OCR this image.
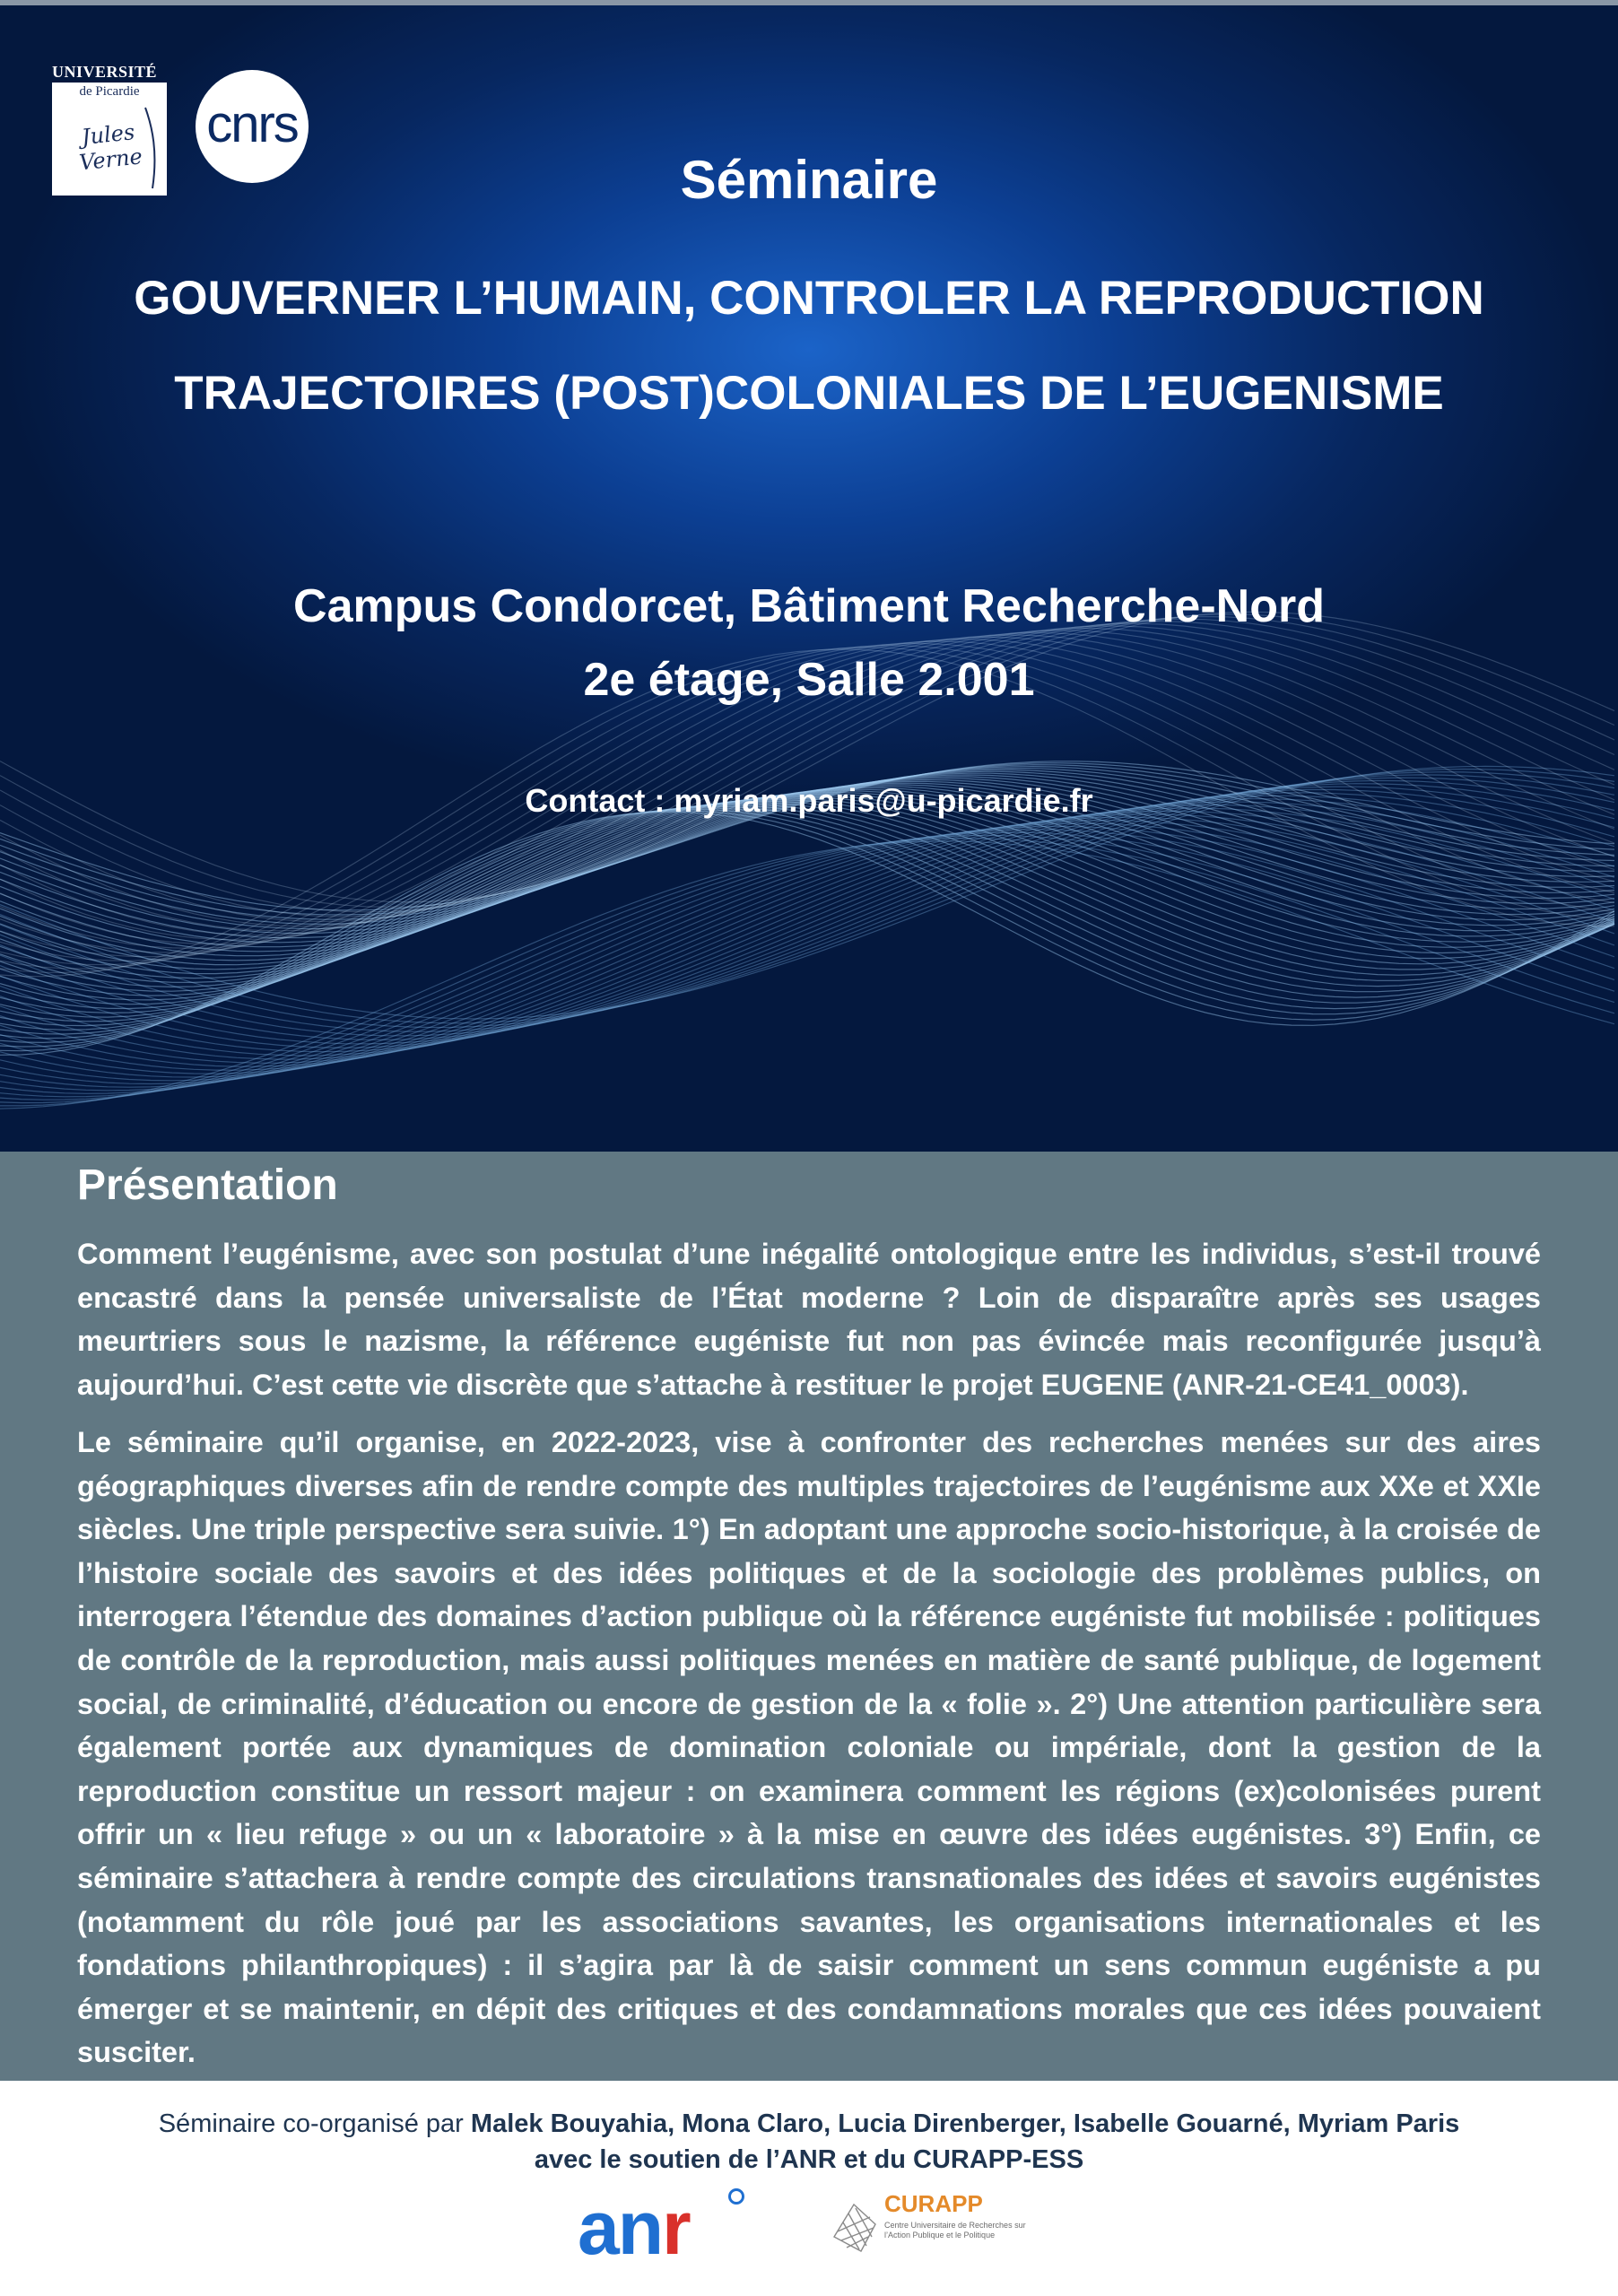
UNIVERSITÉ
de Picardie
Jules Verne
cnrs
Séminaire
GOUVERNER L’HUMAIN, CONTROLER LA REPRODUCTION
TRAJECTOIRES (POST)COLONIALES DE L’EUGENISME
Campus Condorcet, Bâtiment Recherche-Nord
2e étage, Salle 2.001
Contact : myriam.paris@u-picardie.fr
Présentation

Comment l’eugénisme, avec son postulat d’une inégalité ontologique entre les individus, s’est-il trouvé encastré dans la pensée universaliste de l’État moderne ? Loin de disparaître après ses usages meurtriers sous le nazisme, la référence eugéniste fut non pas évincée mais reconfigurée jusqu’à aujourd’hui. C’est cette vie discrète que s’attache à restituer le projet EUGENE (ANR-21-CE41_0003).

Le séminaire qu’il organise, en 2022-2023, vise à confronter des recherches menées sur des aires géographiques diverses afin de rendre compte des multiples trajectoires de l’eugénisme aux XXe et XXIe siècles. Une triple perspective sera suivie. 1°) En adoptant une approche socio-historique, à la croisée de l’histoire sociale des savoirs et des idées politiques et de la sociologie des problèmes publics, on interrogera l’étendue des domaines d’action publique où la référence eugéniste fut mobilisée : politiques de contrôle de la reproduction, mais aussi politiques menées en matière de santé publique, de logement social, de criminalité, d’éducation ou encore de gestion de la « folie ». 2°) Une attention particulière sera également portée aux dynamiques de domination coloniale ou impériale, dont la gestion de la reproduction constitue un ressort majeur : on examinera comment les régions (ex)colonisées purent offrir un « lieu refuge » ou un « laboratoire » à la mise en œuvre des idées eugénistes. 3°) Enfin, ce séminaire s’attachera à rendre compte des circulations transnationales des idées et savoirs eugénistes (notamment du rôle joué par les associations savantes, les organisations internationales et les fondations philanthropiques) : il s’agira par là de saisir comment un sens commun eugéniste a pu émerger et se maintenir, en dépit des critiques et des condamnations morales que ces idées pouvaient susciter.

Séminaire co-organisé par Malek Bouyahia, Mona Claro, Lucia Direnberger, Isabelle Gouarné, Myriam Paris
avec le soutien de l’ANR et du CURAPP-ESS
anr	CURAPP
Centre Universitaire de Recherches sur l’Action Publique et le Politique
